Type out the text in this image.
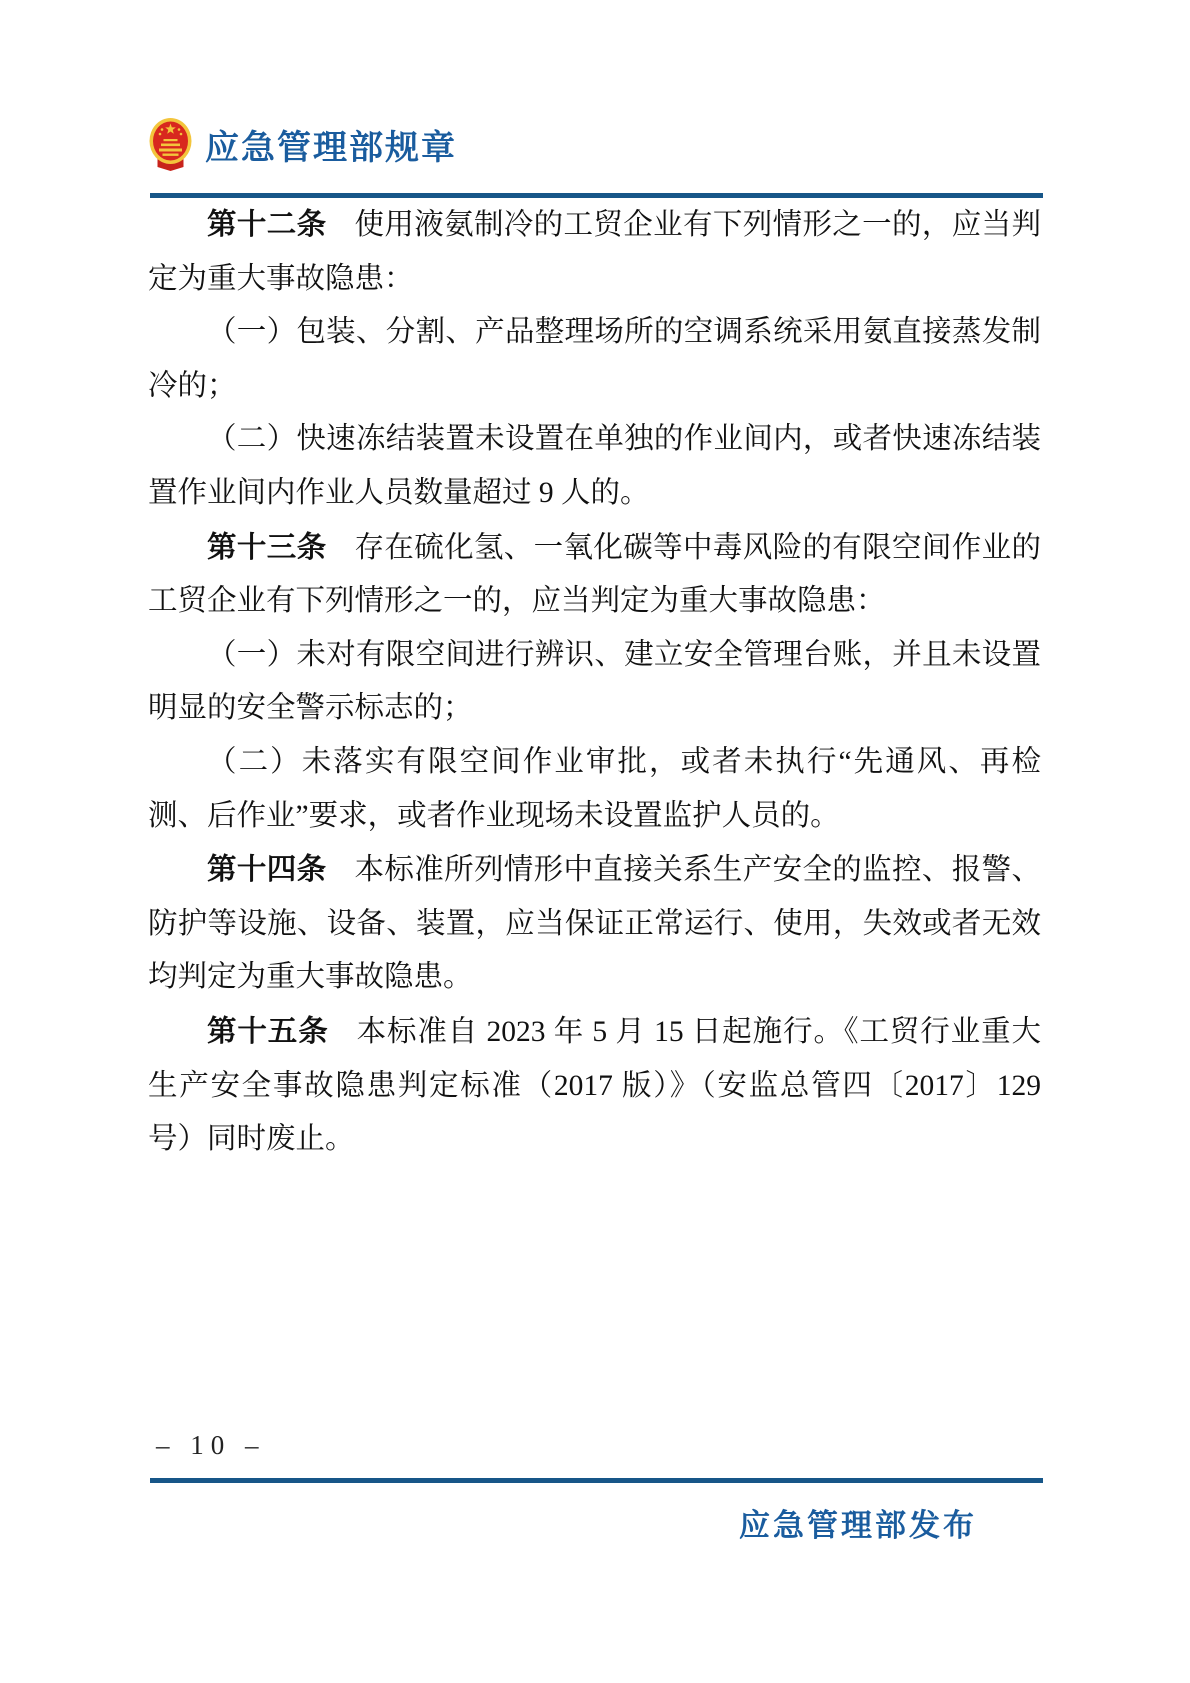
应急管理部规章

第十二条 使用液氨制冷的工贸企业有下列情形之一的，应当判定为重大事故隐患：

（一）包装、分割、产品整理场所的空调系统采用氨直接蒸发制冷的；

（二）快速冻结装置未设置在单独的作业间内，或者快速冻结装置作业间内作业人员数量超过 9 人的。

第十三条 存在硫化氢、一氧化碳等中毒风险的有限空间作业的工贸企业有下列情形之一的，应当判定为重大事故隐患：

（一）未对有限空间进行辨识、建立安全管理台账，并且未设置明显的安全警示标志的；

（二）未落实有限空间作业审批，或者未执行“先通风、再检测、后作业”要求，或者作业现场未设置监护人员的。

第十四条 本标准所列情形中直接关系生产安全的监控、报警、防护等设施、设备、装置，应当保证正常运行、使用，失效或者无效均判定为重大事故隐患。

第十五条 本标准自 2023 年 5 月 15 日起施行。《工贸行业重大生产安全事故隐患判定标准（2017 版）》（安监总管四〔2017〕129 号）同时废止。

– 10 –
应急管理部发布
